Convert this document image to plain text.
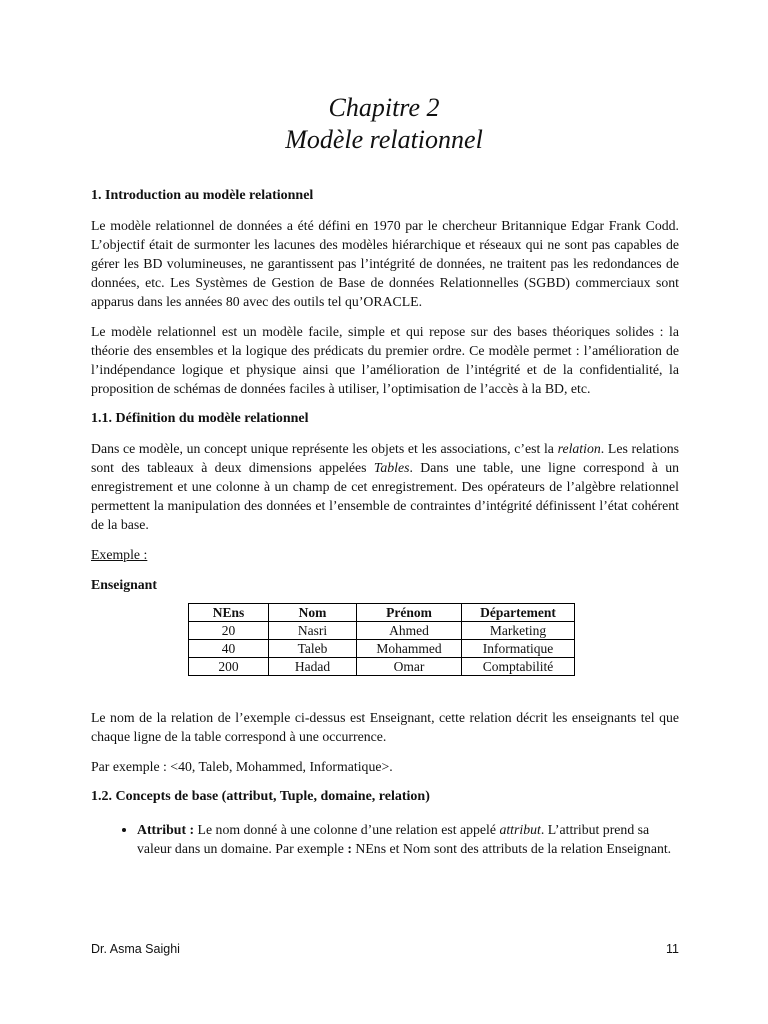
Chapitre 2
Modèle relationnel
1. Introduction au modèle relationnel

Le modèle relationnel de données a été défini en 1970 par le chercheur Britannique Edgar Frank Codd. L’objectif était de surmonter les lacunes des modèles hiérarchique et réseaux qui ne sont pas capables de gérer les BD volumineuses, ne garantissent pas l’intégrité de données, ne traitent pas les redondances de données, etc. Les Systèmes de Gestion de Base de données Relationnelles (SGBD) commerciaux sont apparus dans les années 80 avec des outils tel qu’ORACLE.

Le modèle relationnel est un modèle facile, simple et qui repose sur des bases théoriques solides : la théorie des ensembles et la logique des prédicats du premier ordre. Ce modèle permet : l’amélioration de l’indépendance logique et physique ainsi que l’amélioration de l’intégrité et de la confidentialité, la proposition de schémas de données faciles à utiliser, l’optimisation de l’accès à la BD, etc.

1.1. Définition du modèle relationnel

Dans ce modèle, un concept unique représente les objets et les associations, c’est la relation. Les relations sont des tableaux à deux dimensions appelées Tables. Dans une table, une ligne correspond à un enregistrement et une colonne à un champ de cet enregistrement. Des opérateurs de l’algèbre relationnel permettent la manipulation des données et l’ensemble de contraintes d’intégrité définissent l’état cohérent de la base.

Exemple :

Enseignant

NEns	Nom	Prénom	Département
20	Nasri	Ahmed	Marketing
40	Taleb	Mohammed	Informatique
200	Hadad	Omar	Comptabilité

Le nom de la relation de l’exemple ci-dessus est Enseignant, cette relation décrit les enseignants tel que chaque ligne de la table correspond à une occurrence.

Par exemple : <40, Taleb, Mohammed, Informatique>.

1.2. Concepts de base (attribut, Tuple, domaine, relation)
• Attribut : Le nom donné à une colonne d’une relation est appelé attribut. L’attribut prend sa valeur dans un domaine. Par exemple : NEns et Nom sont des attributs de la relation Enseignant.
Dr. Asma Saighi	11
